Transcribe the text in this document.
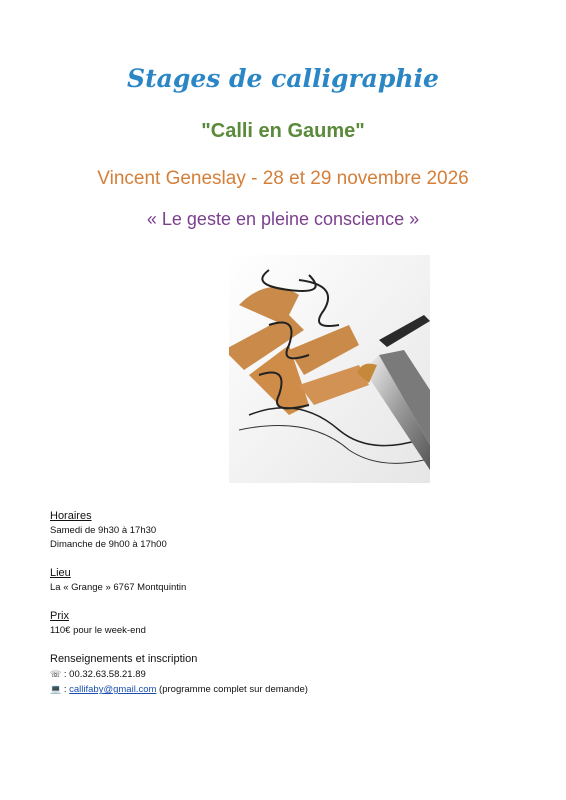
Stages de calligraphie
"Calli en Gaume"
Vincent Geneslay - 28 et 29 novembre 2026
« Le geste en pleine conscience »
Horaires
Samedi de 9h30 à 17h30
Dimanche de 9h00 à 17h00
Lieu
La « Grange » 6767 Montquintin
Prix
110€ pour le week-end
Renseignements et inscription
☏ : 00.32.63.58.21.89
💻 : callifaby@gmail.com (programme complet sur demande)
